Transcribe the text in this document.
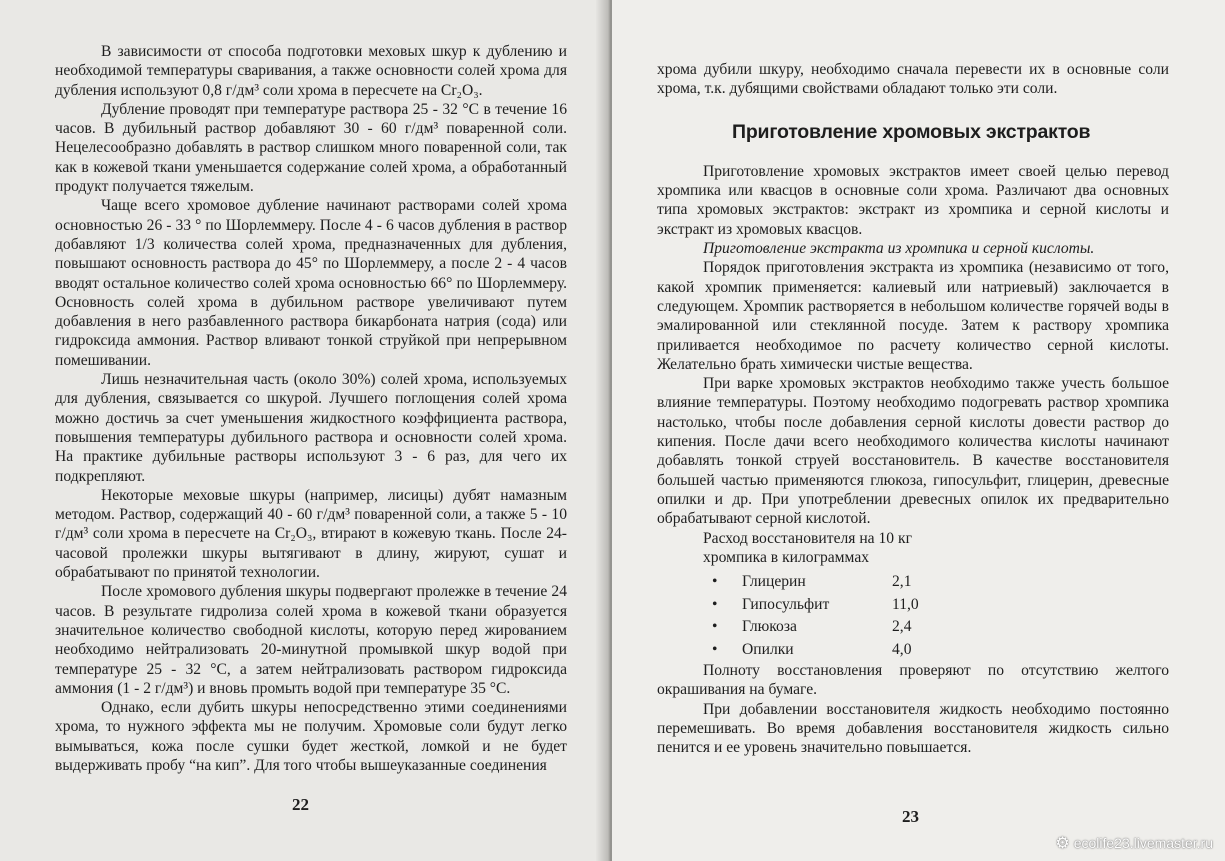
В зависимости от способа подготовки меховых шкур к дублению и необходимой температуры сваривания, а также основности солей хрома для дубления используют 0,8 г/дм³ соли хрома в пересчете на Cr₂O₃.

Дубление проводят при температуре раствора 25 - 32 °С в течение 16 часов. В дубильный раствор добавляют 30 - 60 г/дм³ поваренной соли. Нецелесообразно добавлять в раствор слишком много поваренной соли, так как в кожевой ткани уменьшается содержание солей хрома, а обработанный продукт получается тяжелым.

Чаще всего хромовое дубление начинают растворами солей хрома основностью 26 - 33 ° по Шорлеммеру. После 4 - 6 часов дубления в раствор добавляют 1/3 количества солей хрома, предназначенных для дубления, повышают основность раствора до 45° по Шорлеммеру, а после 2 - 4 часов вводят остальное количество солей хрома основностью 66° по Шорлеммеру. Основность солей хрома в дубильном растворе увеличивают путем добавления в него разбавленного раствора бикарбоната натрия (сода) или гидроксида аммония. Раствор вливают тонкой струйкой при непрерывном помешивании.

Лишь незначительная часть (около 30%) солей хрома, используемых для дубления, связывается со шкурой. Лучшего поглощения солей хрома можно достичь за счет уменьшения жидкостного коэффициента раствора, повышения температуры дубильного раствора и основности солей хрома. На практике дубильные растворы используют 3 - 6 раз, для чего их подкрепляют.

Некоторые меховые шкуры (например, лисицы) дубят намазным методом. Раствор, содержащий 40 - 60 г/дм³ поваренной соли, а также 5 - 10 г/дм³ соли хрома в пересчете на Cr₂O₃, втирают в кожевую ткань. После 24-часовой пролежки шкуры вытягивают в длину, жируют, сушат и обрабатывают по принятой технологии.

После хромового дубления шкуры подвергают пролежке в течение 24 часов. В результате гидролиза солей хрома в кожевой ткани образуется значительное количество свободной кислоты, которую перед жированием необходимо нейтрализовать 20-минутной промывкой шкур водой при температуре 25 - 32 °С, а затем нейтрализовать раствором гидроксида аммония (1 - 2 г/дм³) и вновь промыть водой при температуре 35 °С.

Однако, если дубить шкуры непосредственно этими соединениями хрома, то нужного эффекта мы не получим. Хромовые соли будут легко вымываться, кожа после сушки будет жесткой, ломкой и не будет выдерживать пробу “на кип”. Для того чтобы вышеуказанные соединения

22

хрома дубили шкуру, необходимо сначала перевести их в основные соли хрома, т.к. дубящими свойствами обладают только эти соли.

Приготовление хромовых экстрактов

Приготовление хромовых экстрактов имеет своей целью перевод хромпика или квасцов в основные соли хрома. Различают два основных типа хромовых экстрактов: экстракт из хромпика и серной кислоты и экстракт из хромовых квасцов.

Приготовление экстракта из хромпика и серной кислоты.

Порядок приготовления экстракта из хромпика (независимо от того, какой хромпик применяется: калиевый или натриевый) заключается в следующем. Хромпик растворяется в небольшом количестве горячей воды в эмалированной или стеклянной посуде. Затем к раствору хромпика приливается необходимое по расчету количество серной кислоты. Желательно брать химически чистые вещества.

При варке хромовых экстрактов необходимо также учесть большое влияние температуры. Поэтому необходимо подогревать раствор хромпика настолько, чтобы после добавления серной кислоты довести раствор до кипения. После дачи всего необходимого количества кислоты начинают добавлять тонкой струей восстановитель. В качестве восстановителя большей частью применяются глюкоза, гипосульфит, глицерин, древесные опилки и др. При употреблении древесных опилок их предварительно обрабатывают серной кислотой.

Расход восстановителя на 10 кг

хромпика в килограммах

•	Глицерин	2,1
•	Гипосульфит	11,0
•	Глюкоза	2,4
•	Опилки	4,0

Полноту восстановления проверяют по отсутствию желтого окрашивания на бумаге.

При добавлении восстановителя жидкость необходимо постоянно перемешивать. Во время добавления восстановителя жидкость сильно пенится и ее уровень значительно повышается.

23
⚙ ecolife23.livemaster.ru
